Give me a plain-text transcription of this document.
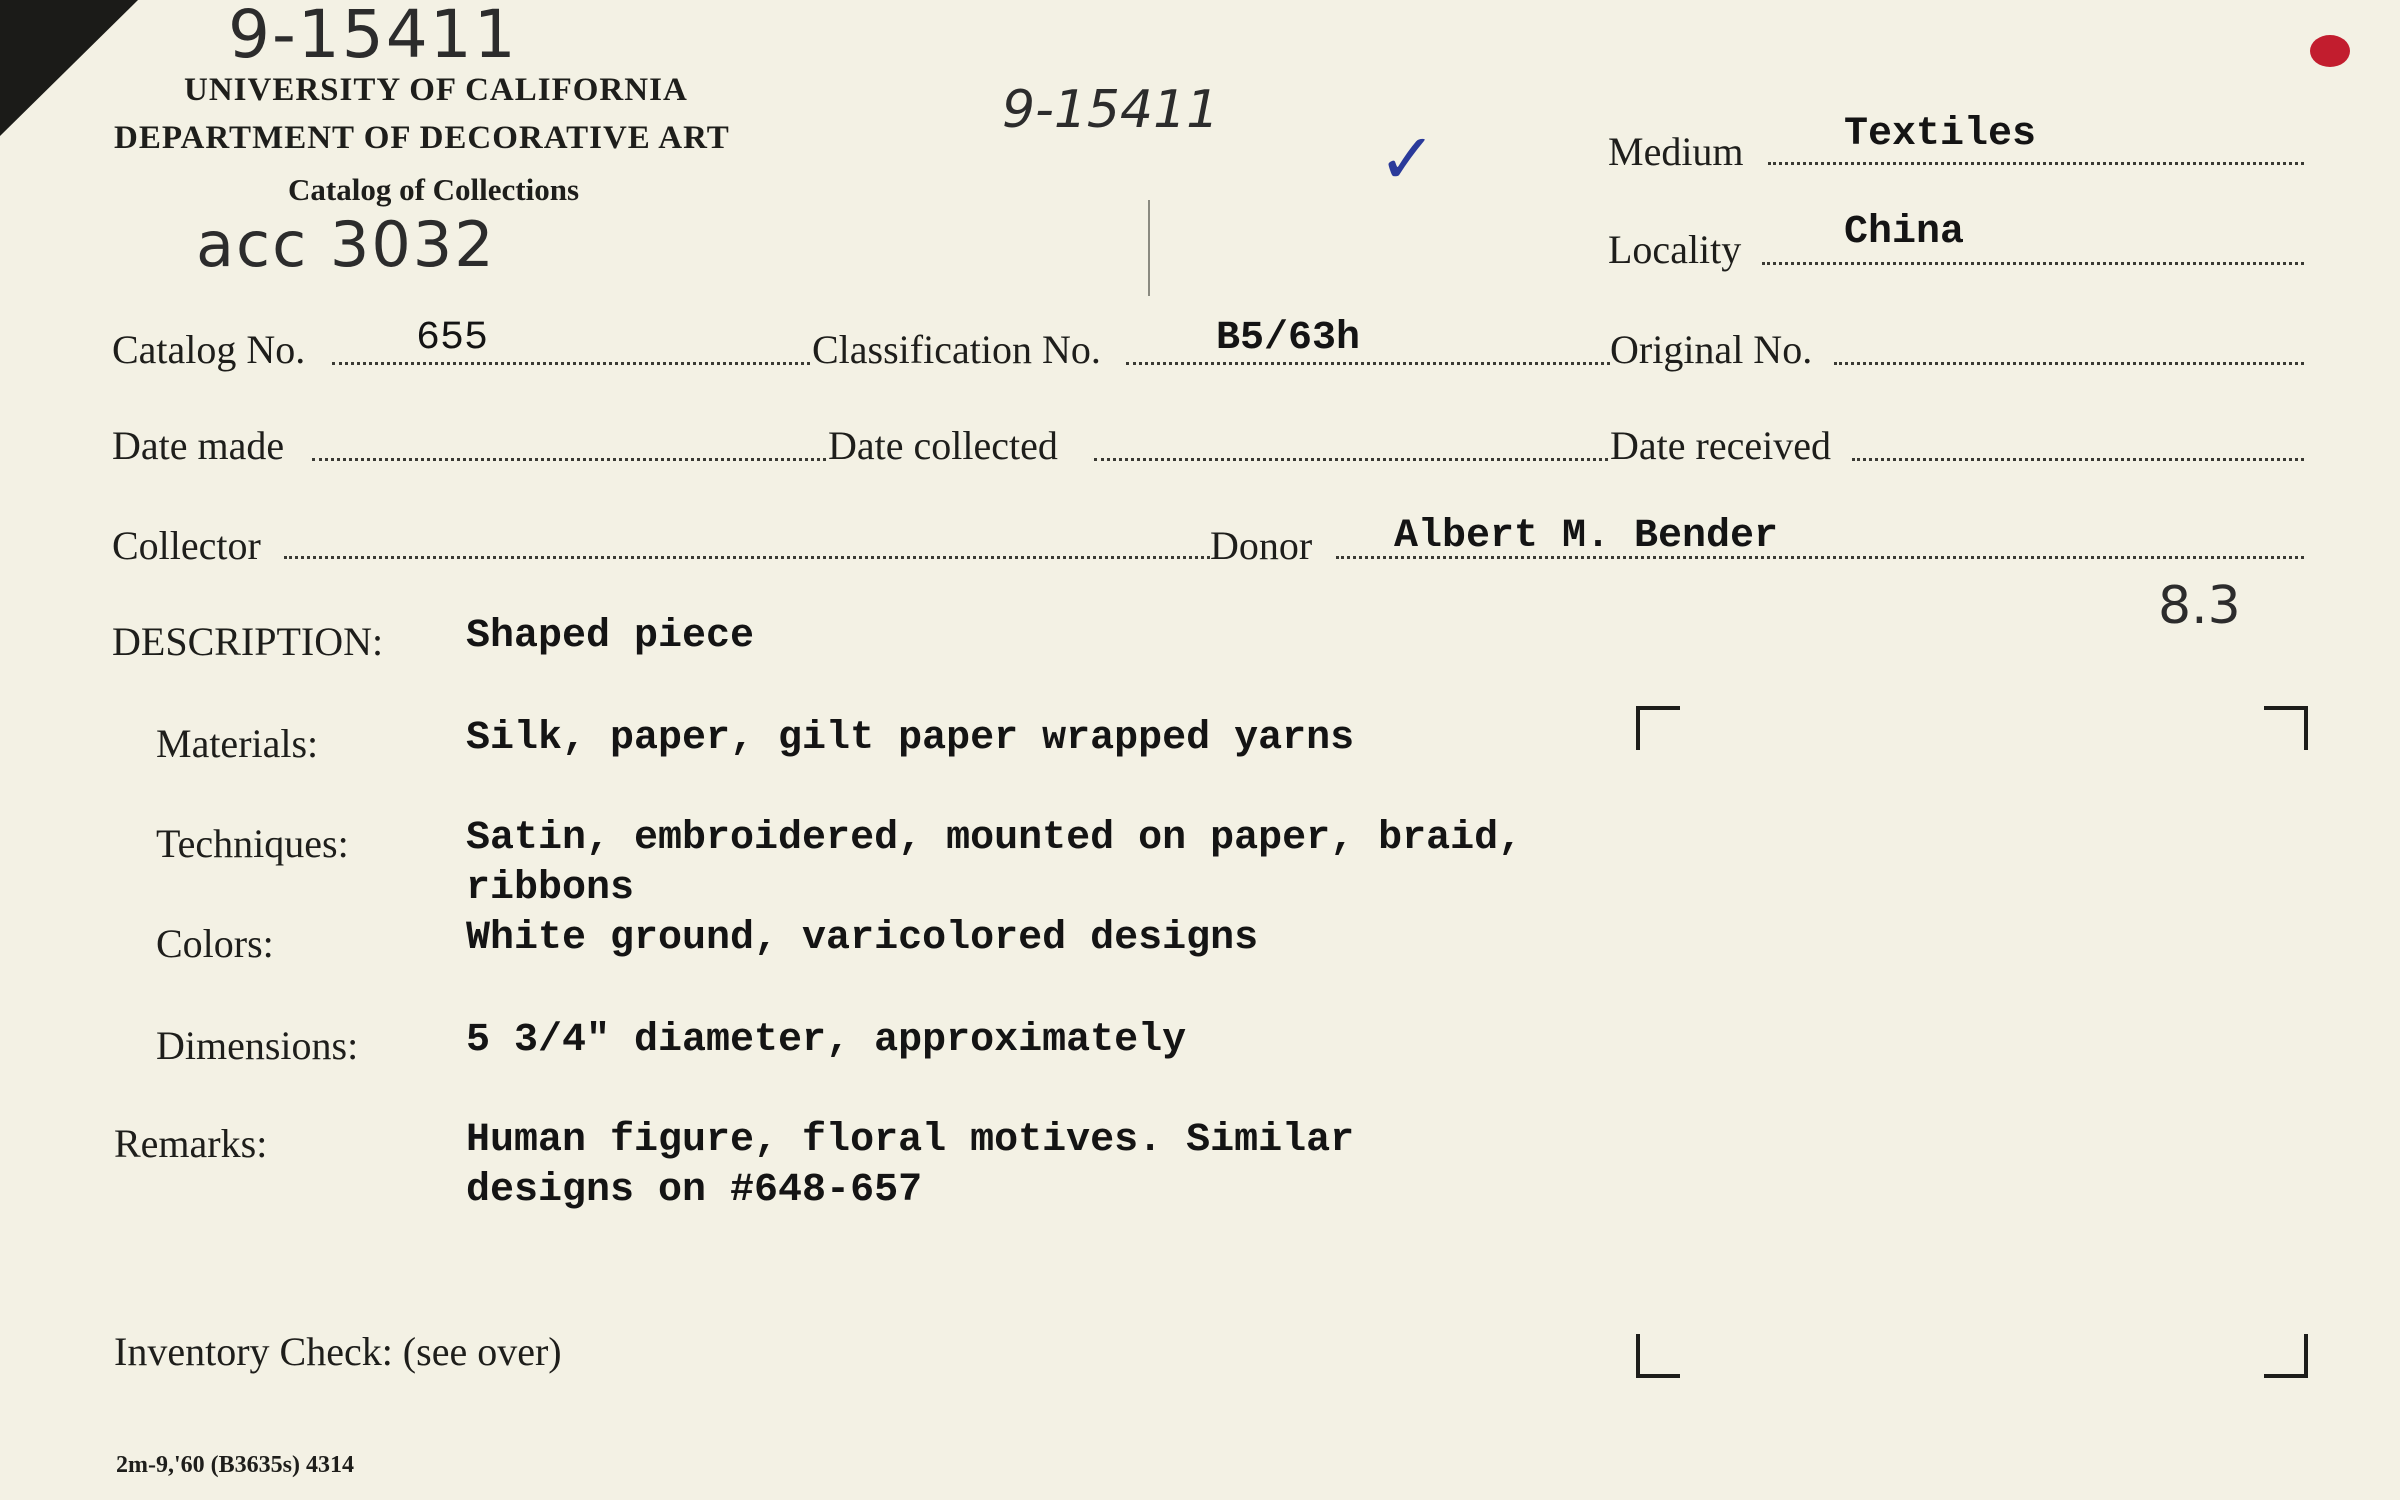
9-15411
9-15411
acc 3032
✓
8.3
UNIVERSITY OF CALIFORNIA
DEPARTMENT OF DECORATIVE ART
Catalog of Collections
Medium	Textiles
Locality	China
Catalog No.	655	Classification No.	B5/63h	Original No.
Date made	Date collected	Date received
Collector	Donor Albert M. Bender
DESCRIPTION: Shaped piece
Materials:	Silk, paper, gilt paper wrapped yarns
Techniques:	Satin, embroidered, mounted on paper, braid,
ribbons
Colors:	White ground, varicolored designs
Dimensions:	5 3/4" diameter, approximately
Remarks:	Human figure, floral motives. Similar
designs on #648-657
Inventory Check: (see over)
2m-9,'60 (B3635s) 4314
